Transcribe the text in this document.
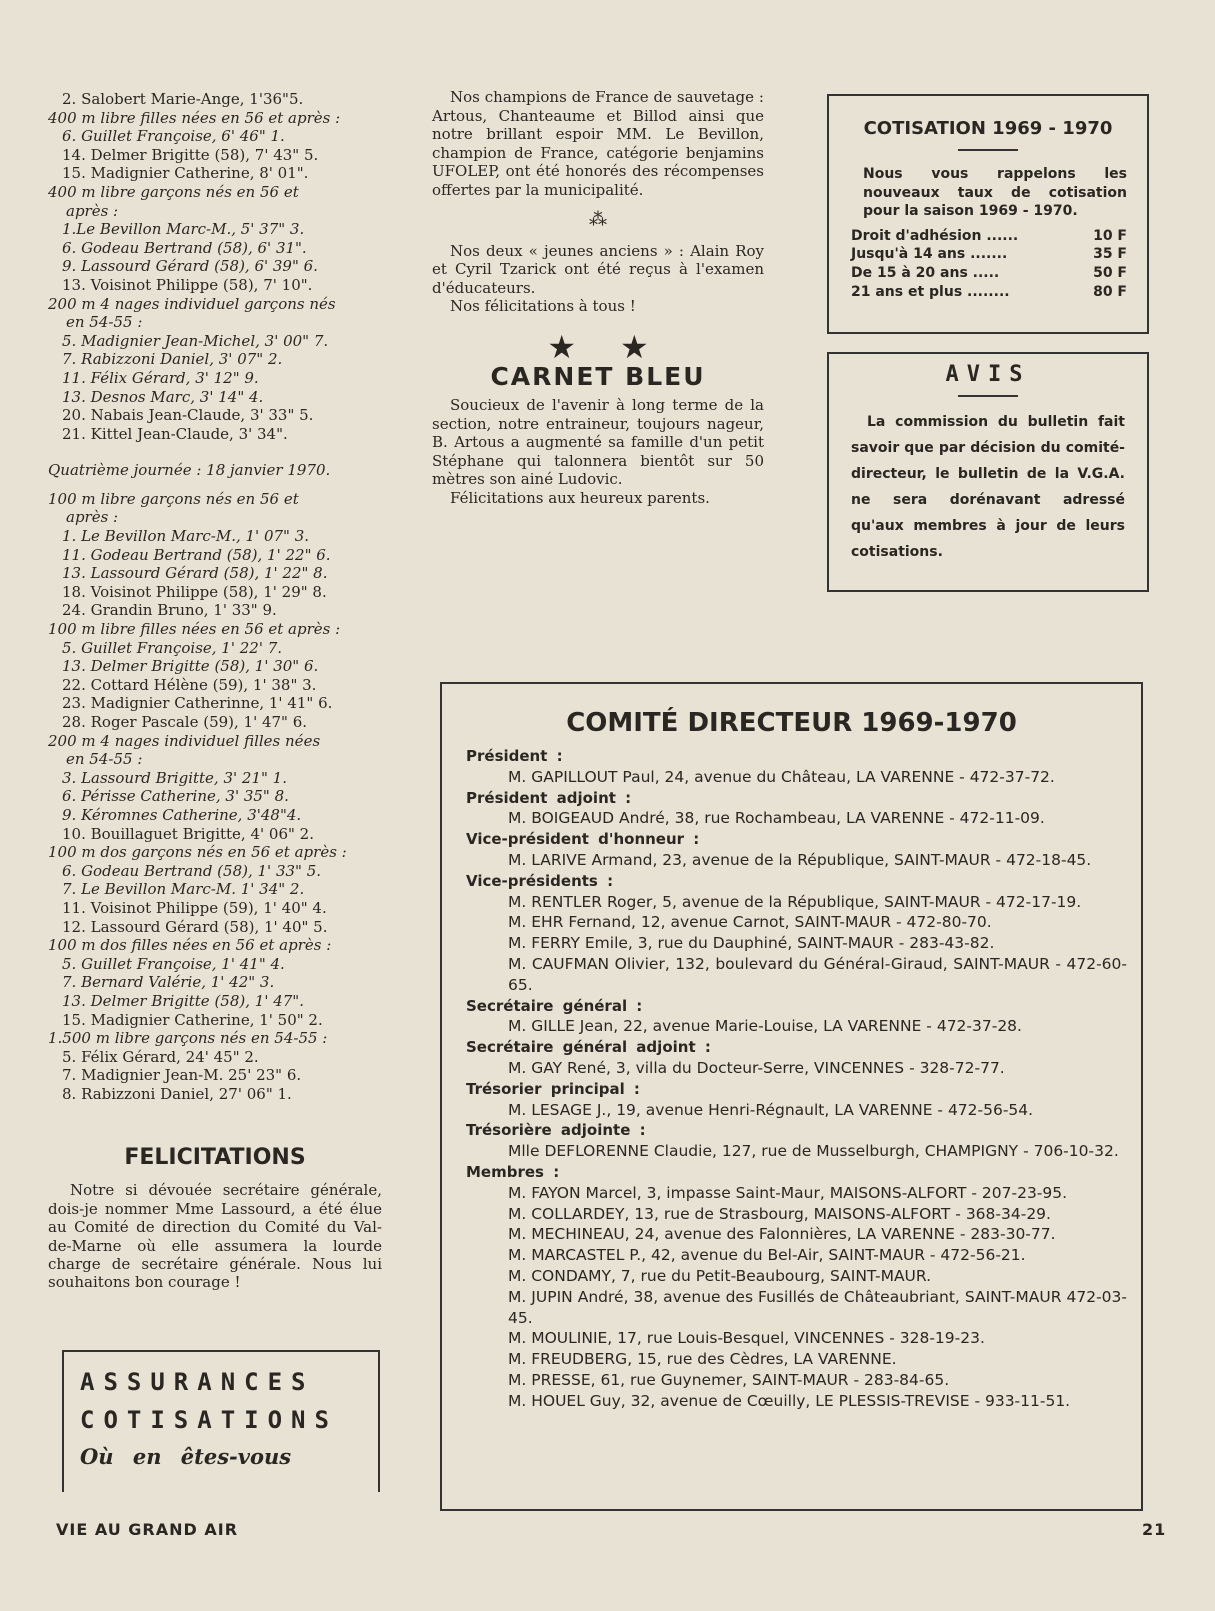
2. Salobert Marie-Ange, 1'36"5.
400 m libre filles nées en 56 et après :
6. Guillet Françoise, 6' 46" 1.
14. Delmer Brigitte (58), 7' 43" 5.
15. Madignier Catherine, 8' 01".
400 m libre garçons nés en 56 et
après :
1.Le Bevillon Marc-M., 5' 37" 3.
6. Godeau Bertrand (58), 6' 31".
9. Lassourd Gérard (58), 6' 39" 6.
13. Voisinot Philippe (58), 7' 10".
200 m 4 nages individuel garçons nés
en 54-55 :
5. Madignier Jean-Michel, 3' 00" 7.
7. Rabizzoni Daniel, 3' 07" 2.
11. Félix Gérard, 3' 12" 9.
13. Desnos Marc, 3' 14" 4.
20. Nabais Jean-Claude, 3' 33" 5.
21. Kittel Jean-Claude, 3' 34".
Quatrième journée : 18 janvier 1970.
100 m libre garçons nés en 56 et
après :
1. Le Bevillon Marc-M., 1' 07" 3.
11. Godeau Bertrand (58), 1' 22" 6.
13. Lassourd Gérard (58), 1' 22" 8.
18. Voisinot Philippe (58), 1' 29" 8.
24. Grandin Bruno, 1' 33" 9.
100 m libre filles nées en 56 et après :
5. Guillet Françoise, 1' 22' 7.
13. Delmer Brigitte (58), 1' 30" 6.
22. Cottard Hélène (59), 1' 38" 3.
23. Madignier Catherinne, 1' 41" 6.
28. Roger Pascale (59), 1' 47" 6.
200 m 4 nages individuel filles nées
en 54-55 :
3. Lassourd Brigitte, 3' 21" 1.
6. Périsse Catherine, 3' 35" 8.
9. Kéromnes Catherine, 3'48"4.
10. Bouillaguet Brigitte, 4' 06" 2.
100 m dos garçons nés en 56 et après :
6. Godeau Bertrand (58), 1' 33" 5.
7. Le Bevillon Marc-M. 1' 34" 2.
11. Voisinot Philippe (59), 1' 40" 4.
12. Lassourd Gérard (58), 1' 40" 5.
100 m dos filles nées en 56 et après :
5. Guillet Françoise, 1' 41" 4.
7. Bernard Valérie, 1' 42" 3.
13. Delmer Brigitte (58), 1' 47".
15. Madignier Catherine, 1' 50" 2.
1.500 m libre garçons nés en 54-55 :
5. Félix Gérard, 24' 45" 2.
7. Madignier Jean-M. 25' 23" 6.
8. Rabizzoni Daniel, 27' 06" 1.
FELICITATIONS

Notre si dévouée secrétaire générale, dois-je nommer Mme Lassourd, a été élue au Comité de direction du Comité du Val-de-Marne où elle assumera la lourde charge de secrétaire générale. Nous lui souhaitons bon courage !

ASSURANCES
COTISATIONS
Où en êtes-vous

Nos champions de France de sauvetage : Artous, Chanteaume et Billod ainsi que notre brillant espoir MM. Le Bevillon, champion de France, catégorie benjamins UFOLEP, ont été honorés des récompenses offertes par la municipalité.

⁂

Nos deux « jeunes anciens » : Alain Roy et Cyril Tzarick ont été reçus à l'examen d'éducateurs.

Nos félicitations à tous !

★★
CARNET BLEU

Soucieux de l'avenir à long terme de la section, notre entraineur, toujours nageur, B. Artous a augmenté sa famille d'un petit Stéphane qui talonnera bientôt sur 50 mètres son ainé Ludovic.

Félicitations aux heureux parents.

COTISATION 1969 - 1970
Nous vous rappelons les nouveaux taux de cotisation pour la saison 1969 - 1970.
Droit d'adhésion ......	10 F
Jusqu'à 14 ans .......	35 F
De 15 à 20 ans .....	50 F
21 ans et plus ........	80 F
AVIS
La commission du bulletin fait savoir que par décision du comité-directeur, le bulletin de la V.G.A. ne sera dorénavant adressé qu'aux membres à jour de leurs cotisations.
COMITÉ DIRECTEUR 1969-1970
Président :
M. GAPILLOUT Paul, 24, avenue du Château, LA VARENNE - 472-37-72.
Président adjoint :
M. BOIGEAUD André, 38, rue Rochambeau, LA VARENNE - 472-11-09.
Vice-président d'honneur :
M. LARIVE Armand, 23, avenue de la République, SAINT-MAUR - 472-18-45.
Vice-présidents :
M. RENTLER Roger, 5, avenue de la République, SAINT-MAUR - 472-17-19.
M. EHR Fernand, 12, avenue Carnot, SAINT-MAUR - 472-80-70.
M. FERRY Emile, 3, rue du Dauphiné, SAINT-MAUR - 283-43-82.
M. CAUFMAN Olivier, 132, boulevard du Général-Giraud, SAINT-MAUR - 472-60-65.
Secrétaire général :
M. GILLE Jean, 22, avenue Marie-Louise, LA VARENNE - 472-37-28.
Secrétaire général adjoint :
M. GAY René, 3, villa du Docteur-Serre, VINCENNES - 328-72-77.
Trésorier principal :
M. LESAGE J., 19, avenue Henri-Régnault, LA VARENNE - 472-56-54.
Trésorière adjointe :
Mlle DEFLORENNE Claudie, 127, rue de Musselburgh, CHAMPIGNY - 706-10-32.
Membres :
M. FAYON Marcel, 3, impasse Saint-Maur, MAISONS-ALFORT - 207-23-95.
M. COLLARDEY, 13, rue de Strasbourg, MAISONS-ALFORT - 368-34-29.
M. MECHINEAU, 24, avenue des Falonnières, LA VARENNE - 283-30-77.
M. MARCASTEL P., 42, avenue du Bel-Air, SAINT-MAUR - 472-56-21.
M. CONDAMY, 7, rue du Petit-Beaubourg, SAINT-MAUR.
M. JUPIN André, 38, avenue des Fusillés de Châteaubriant, SAINT-MAUR 472-03-45.
M. MOULINIE, 17, rue Louis-Besquel, VINCENNES - 328-19-23.
M. FREUDBERG, 15, rue des Cèdres, LA VARENNE.
M. PRESSE, 61, rue Guynemer, SAINT-MAUR - 283-84-65.
M. HOUEL Guy, 32, avenue de Cœuilly, LE PLESSIS-TREVISE - 933-11-51.
VIE AU GRAND AIR	21
